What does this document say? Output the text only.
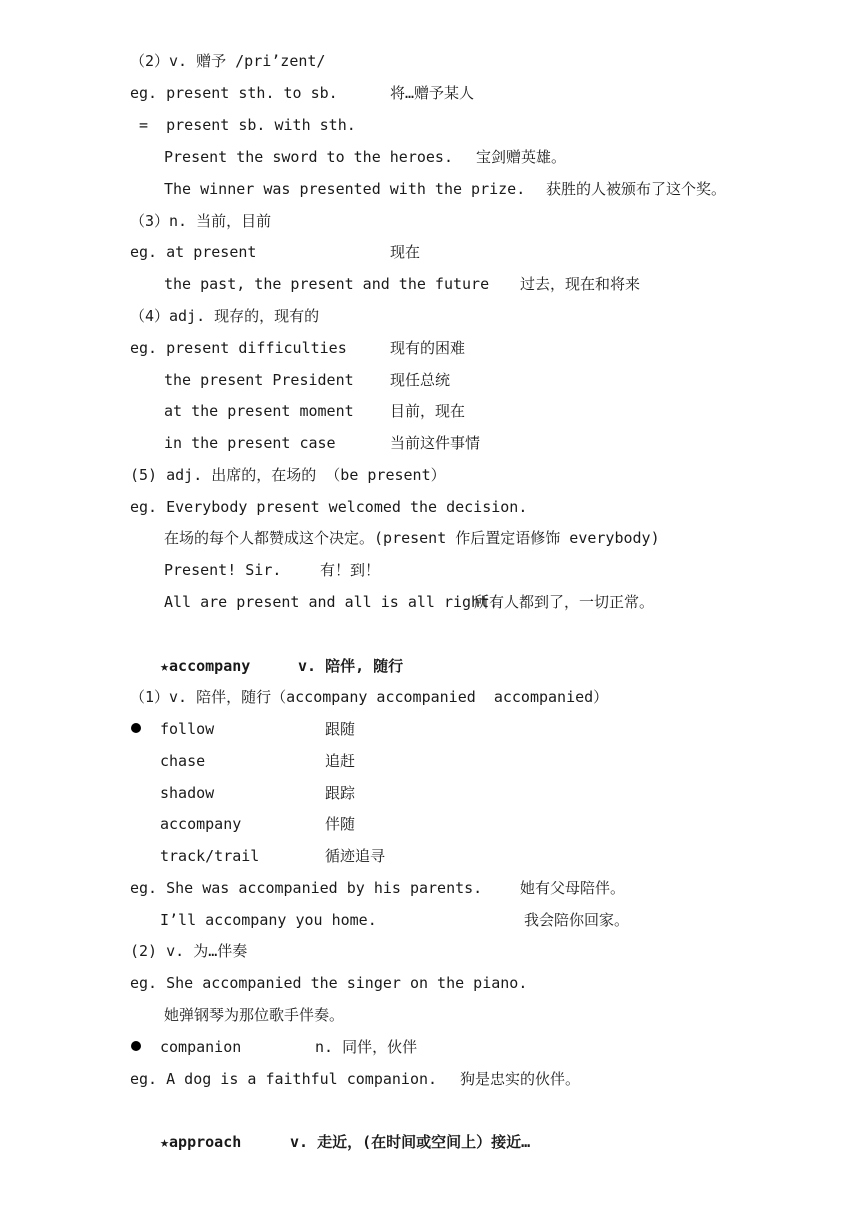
（2）v. 赠予 /pri’zent/
eg. present sth. to sb.	将…赠予某人
=  present sb. with sth.
Present the sword to the heroes. 宝剑赠英雄。
The winner was presented with the prize. 获胜的人被颁布了这个奖。
（3）n. 当前，目前
eg. at present	现在
the past, the present and the future 过去，现在和将来
（4）adj. 现存的，现有的
eg. present difficulties	现有的困难
the present President 现任总统
at the present moment 目前，现在
in the present case	当前这件事情
(5) adj. 出席的，在场的 （be present）
eg. Everybody present welcomed the decision.
在场的每个人都赞成这个决定。(present 作后置定语修饰 everybody)
Present! Sir.	有！到！
All are present and all is all right.
所有人都到了，一切正常。
★accompany	v. 陪伴, 随行
（1）v. 陪伴，随行（accompany accompanied  accompanied）
follow	跟随
chase	追赶
shadow	跟踪
accompany	伴随
track/trail	循迹追寻
eg. She was accompanied by his parents.	她有父母陪伴。
I’ll accompany you home.	我会陪你回家。
(2) v. 为…伴奏
eg. She accompanied the singer on the piano.
她弹钢琴为那位歌手伴奏。
companion	n. 同伴，伙伴
eg. A dog is a faithful companion. 狗是忠实的伙伴。
★approach	v. 走近，(在时间或空间上）接近…
